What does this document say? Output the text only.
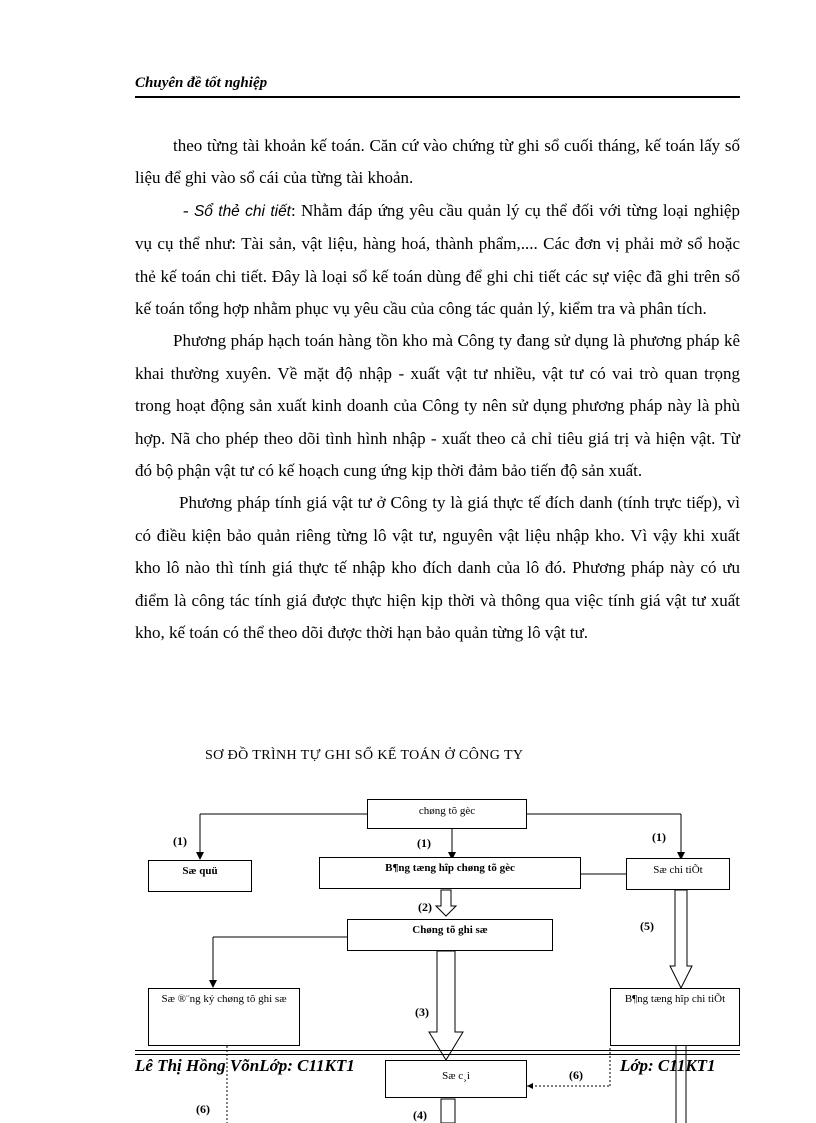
Chuyên đề tốt nghiệp

theo từng tài khoản kế toán. Căn cứ vào chứng từ ghi sổ cuối tháng, kế toán lấy số liệu để ghi vào sổ cái của từng tài khoản.

- Sổ thẻ chi tiết: Nhằm đáp ứng yêu cầu quản lý cụ thể đối với từng loại nghiệp vụ cụ thể như: Tài sản, vật liệu, hàng hoá, thành phẩm,.... Các đơn vị phải mở sổ hoặc thẻ kế toán chi tiết. Đây là loại sổ kế toán dùng để ghi chi tiết các sự việc đã ghi trên sổ kế toán tổng hợp nhằm phục vụ yêu cầu của công tác quản lý, kiểm tra và phân tích.

Phương pháp hạch toán hàng tồn kho mà Công ty đang sử dụng là phương pháp kê khai thường xuyên. Về mặt độ nhập - xuất vật tư nhiều, vật tư có vai trò quan trọng trong hoạt động sản xuất kinh doanh của Công ty nên sử dụng phương pháp này là phù hợp. Nã cho phép theo dõi tình hình nhập - xuất theo cả chỉ tiêu giá trị và hiện vật. Từ đó bộ phận vật tư có kế hoạch cung ứng kịp thời đảm bảo tiến độ sản xuất.

Phương pháp tính giá vật tư ở Công ty là giá thực tế đích danh (tính trực tiếp), vì có điều kiện bảo quản riêng từng lô vật tư, nguyên vật liệu nhập kho. Vì vậy khi xuất kho lô nào thì tính giá thực tế nhập kho đích danh của lô đó. Phương pháp này có ưu điểm là công tác tính giá được thực hiện kịp thời và thông qua việc tính giá vật tư xuất kho, kế toán có thể theo dõi được thời hạn bảo quản từng lô vật tư.

SƠ ĐỒ TRÌNH TỰ GHI SỔ KẾ TOÁN Ở CÔNG TY
chøng tõ gèc
Sæ quü	B¶ng tæng hîp chøng tõ gèc	Sæ chi tiÕt
Chøng tõ ghi sæ
Sæ ®¨ng ký chøng tõ ghi sæ	B¶ng tæng hîp chi tiÕt
Sæ c¸i
(1)	(1)	(1)
(2)
(3)
(5)
(6)
(6)	(4)
Lê Thị Hồng VõnLớp: C11KT1	Lớp: C11KT1
